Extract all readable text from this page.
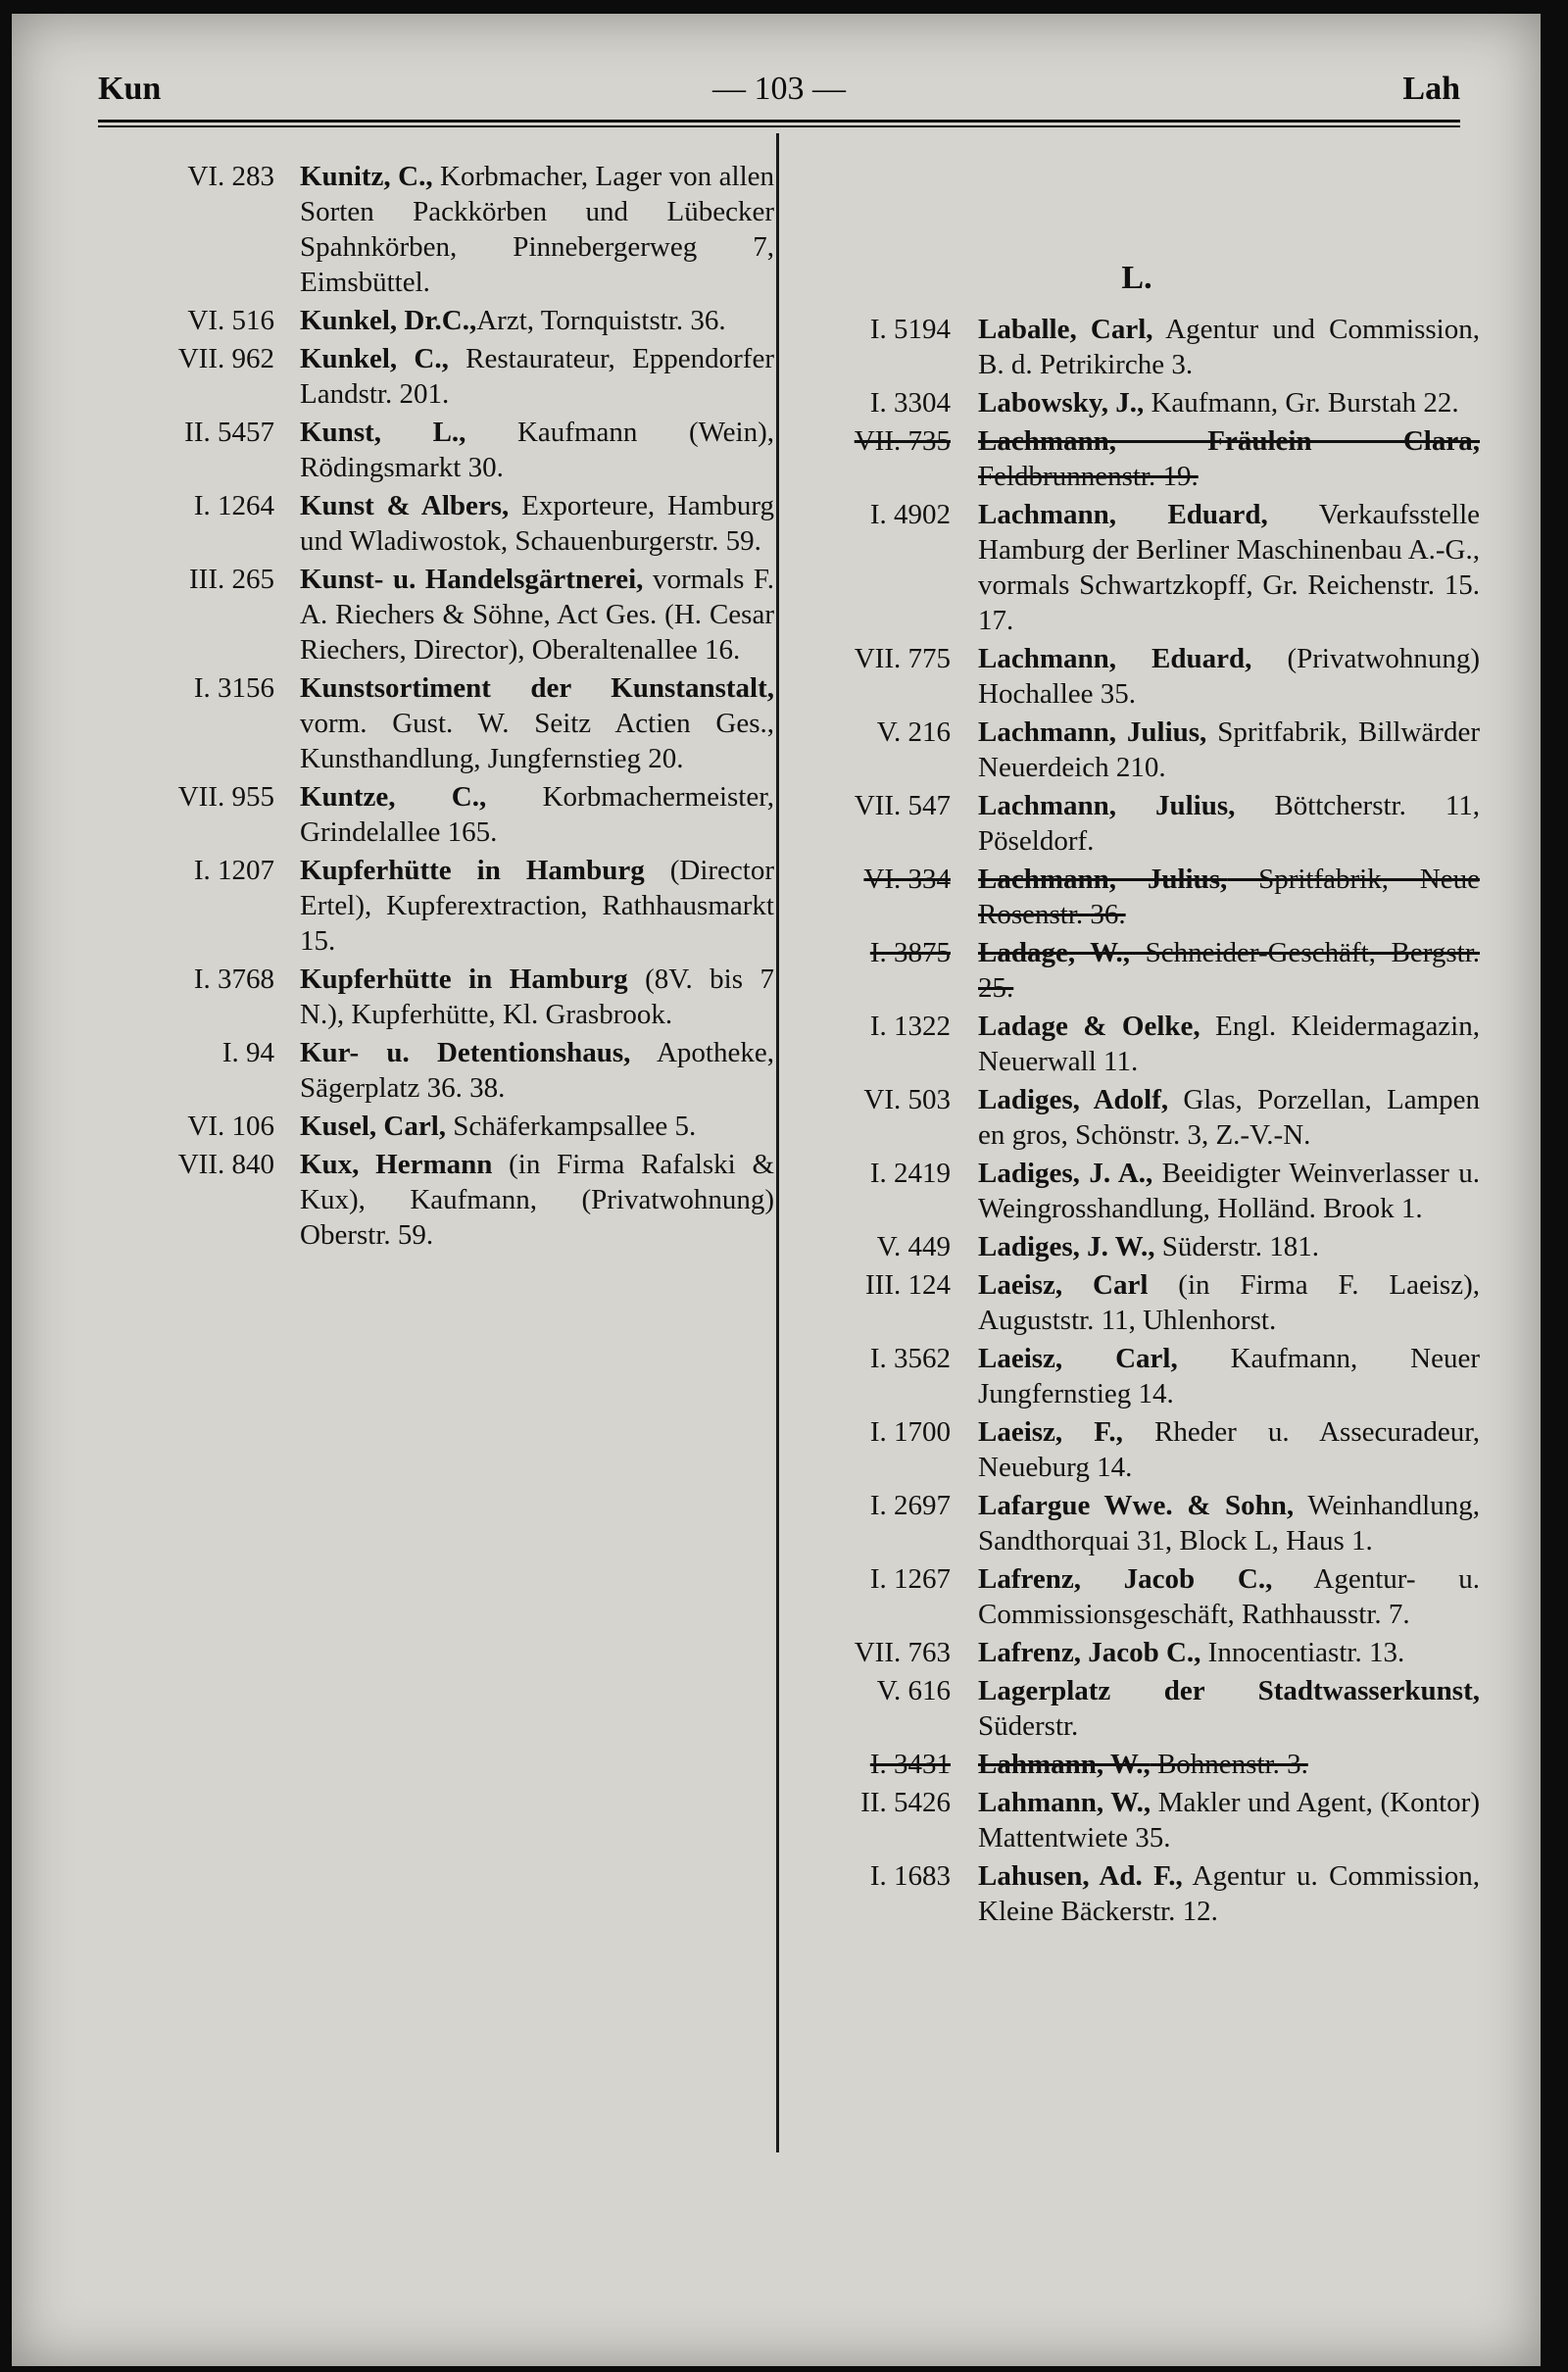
Kun	— 103 —	Lah
VI. 283 Kunitz, C., Korbmacher, Lager von allen Sorten Packkörben und Lübecker Spahnkörben, Pinnebergerweg 7, Eimsbüttel.
VI. 516 Kunkel, Dr.C.,Arzt, Tornquiststr. 36.
VII. 962 Kunkel, C., Restaurateur, Eppendorfer Landstr. 201.
II. 5457 Kunst, L., Kaufmann (Wein), Rödingsmarkt 30.
I. 1264 Kunst & Albers, Exporteure, Hamburg und Wladiwostok, Schauenburgerstr. 59.
III. 265 Kunst- u. Handelsgärtnerei, vormals F. A. Riechers & Söhne, Act Ges. (H. Cesar Riechers, Director), Oberaltenallee 16.
I. 3156 Kunstsortiment der Kunstanstalt, vorm. Gust. W. Seitz Actien Ges., Kunsthandlung, Jungfernstieg 20.
VII. 955 Kuntze, C., Korbmachermeister, Grindelallee 165.
I. 1207 Kupferhütte in Hamburg (Director Ertel), Kupferextraction, Rathhausmarkt 15.
I. 3768 Kupferhütte in Hamburg (8V. bis 7 N.), Kupferhütte, Kl. Grasbrook.
I. 94 Kur- u. Detentionshaus, Apotheke, Sägerplatz 36. 38.
VI. 106 Kusel, Carl, Schäferkampsallee 5.
VII. 840 Kux, Hermann (in Firma Rafalski & Kux), Kaufmann, (Privatwohnung) Oberstr. 59.
L.
I. 5194 Laballe, Carl, Agentur und Commission, B. d. Petrikirche 3.
I. 3304 Labowsky, J., Kaufmann, Gr. Burstah 22.
VII. 735 Lachmann, Fräulein Clara, Feldbrunnenstr. 19.
I. 4902 Lachmann, Eduard, Verkaufsstelle Hamburg der Berliner Maschinenbau A.-G., vormals Schwartzkopff, Gr. Reichenstr. 15. 17.
VII. 775 Lachmann, Eduard, (Privatwohnung) Hochallee 35.
V. 216 Lachmann, Julius, Spritfabrik, Billwärder Neuerdeich 210.
VII. 547 Lachmann, Julius, Böttcherstr. 11, Pöseldorf.
VI. 334 Lachmann, Julius, Spritfabrik, Neue Rosenstr. 36.
I. 3875 Ladage, W., Schneider-Geschäft, Bergstr. 25.
I. 1322 Ladage & Oelke, Engl. Kleidermagazin, Neuerwall 11.
VI. 503 Ladiges, Adolf, Glas, Porzellan, Lampen en gros, Schönstr. 3, Z.-V.-N.
I. 2419 Ladiges, J. A., Beeidigter Weinverlasser u. Weingrosshandlung, Holländ. Brook 1.
V. 449 Ladiges, J. W., Süderstr. 181.
III. 124 Laeisz, Carl (in Firma F. Laeisz), Auguststr. 11, Uhlenhorst.
I. 3562 Laeisz, Carl, Kaufmann, Neuer Jungfernstieg 14.
I. 1700 Laeisz, F., Rheder u. Assecuradeur, Neueburg 14.
I. 2697 Lafargue Wwe. & Sohn, Weinhandlung, Sandthorquai 31, Block L, Haus 1.
I. 1267 Lafrenz, Jacob C., Agentur- u. Commissionsgeschäft, Rathhausstr. 7.
VII. 763 Lafrenz, Jacob C., Innocentiastr. 13.
V. 616 Lagerplatz der Stadtwasserkunst, Süderstr.
I. 3431 Lahmann, W., Bohnenstr. 3.
II. 5426 Lahmann, W., Makler und Agent, (Kontor) Mattentwiete 35.
I. 1683 Lahusen, Ad. F., Agentur u. Commission, Kleine Bäckerstr. 12.
